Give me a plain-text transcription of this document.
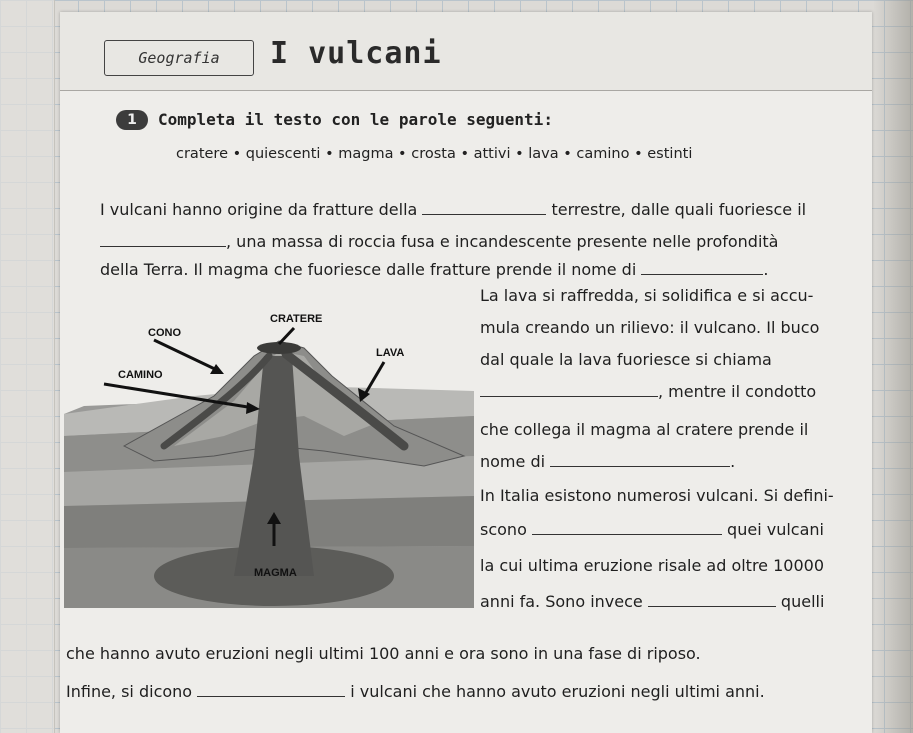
Geografia	I vulcani
1	Completa il testo con le parole seguenti:
cratere • quiescenti • magma • crosta • attivi • lava • camino • estinti
I vulcani hanno origine da fratture della	terrestre, dalle quali fuoriesce il
, una massa di roccia fusa e incandescente presente nelle profondità
della Terra. Il magma che fuoriesce dalle fratture prende il nome di	.
La lava si raffredda, si solidifica e si accu-
mula creando un rilievo: il vulcano. Il buco
dal quale la lava fuoriesce si chiama
, mentre il condotto
che collega il magma al cratere prende il
nome di	.
In Italia esistono numerosi vulcani. Si defini-
scono	quei vulcani
la cui ultima eruzione risale ad oltre 10000
anni fa. Sono invece	quelli
che hanno avuto eruzioni negli ultimi 100 anni e ora sono in una fase di riposo.
Infine, si dicono	i vulcani che hanno avuto eruzioni negli ultimi anni.
CONO
CRATERE
CAMINO
LAVA
MAGMA
